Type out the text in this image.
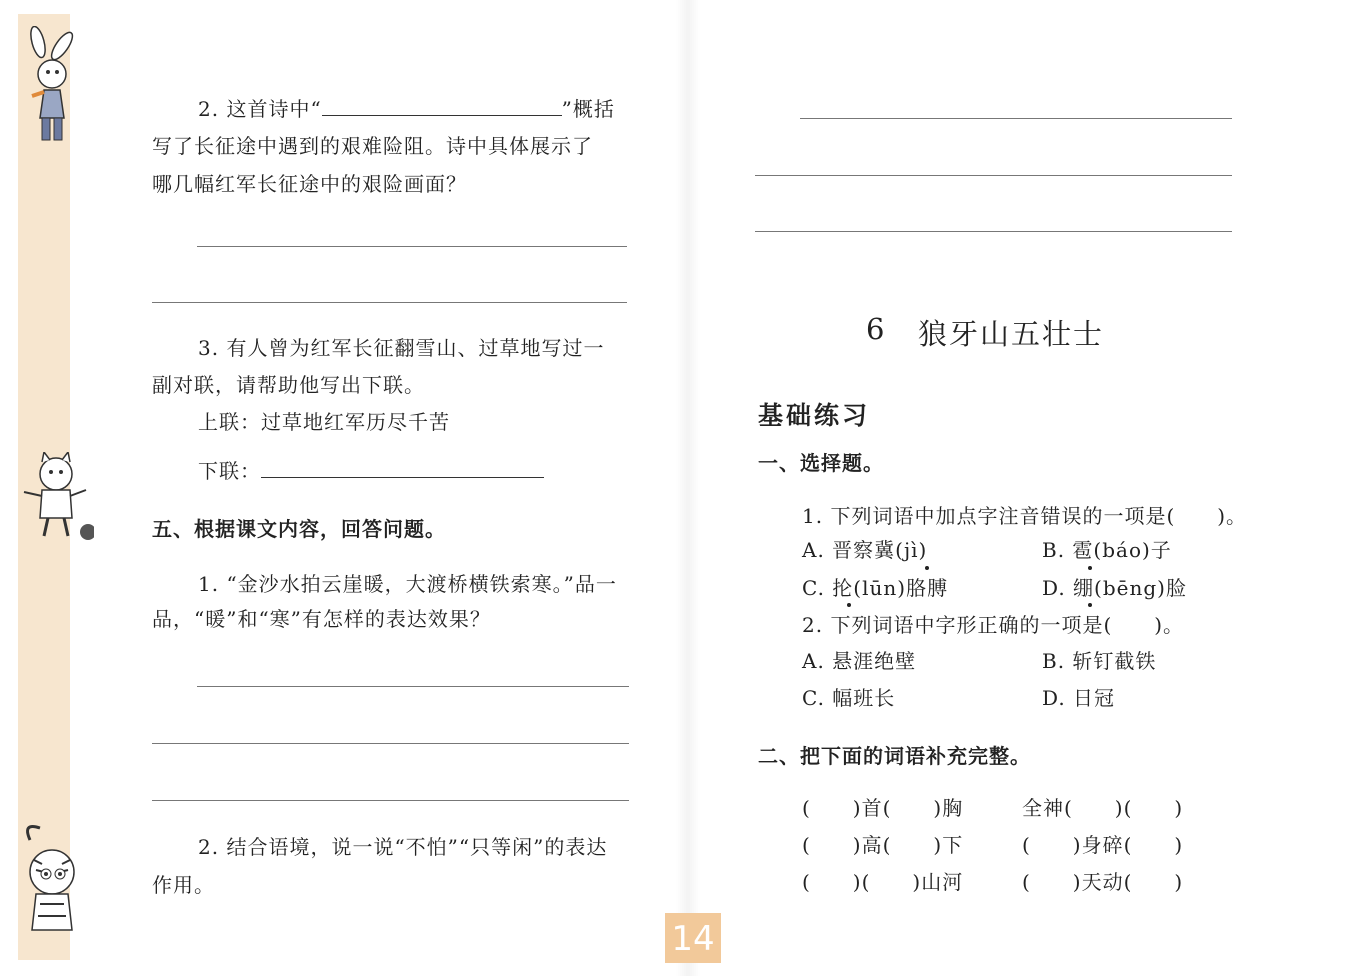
2. 这首诗中“	”概括
写了长征途中遇到的艰难险阻。诗中具体展示了
哪几幅红军长征途中的艰险画面？
3. 有人曾为红军长征翻雪山、过草地写过一
副对联，请帮助他写出下联。
上联：过草地红军历尽千苦
下联：
五、根据课文内容，回答问题。
1. “金沙水拍云崖暖，大渡桥横铁索寒。”品一
品，“暖”和“寒”有怎样的表达效果？
2. 结合语境，说一说“不怕”“只等闲”的表达
作用。
6 狼牙山五壮士
基础练习
一、选择题。
1. 下列词语中加点字注音错误的一项是(　　)。
A. 晋察冀(jì)	B. 雹(báo)子
C. 抡(lūn)胳膊	D. 绷(bēng)脸
2. 下列词语中字形正确的一项是(　　)。
A. 悬涯绝壁	B. 斩钉截铁
C. 幅班长	D. 日冠
二、把下面的词语补充完整。
(　　)首(　　)胸	全神(　　)(　　)
(　　)高(　　)下	(　　)身碎(　　)
(　　)(　　)山河	(　　)天动(　　)
14
